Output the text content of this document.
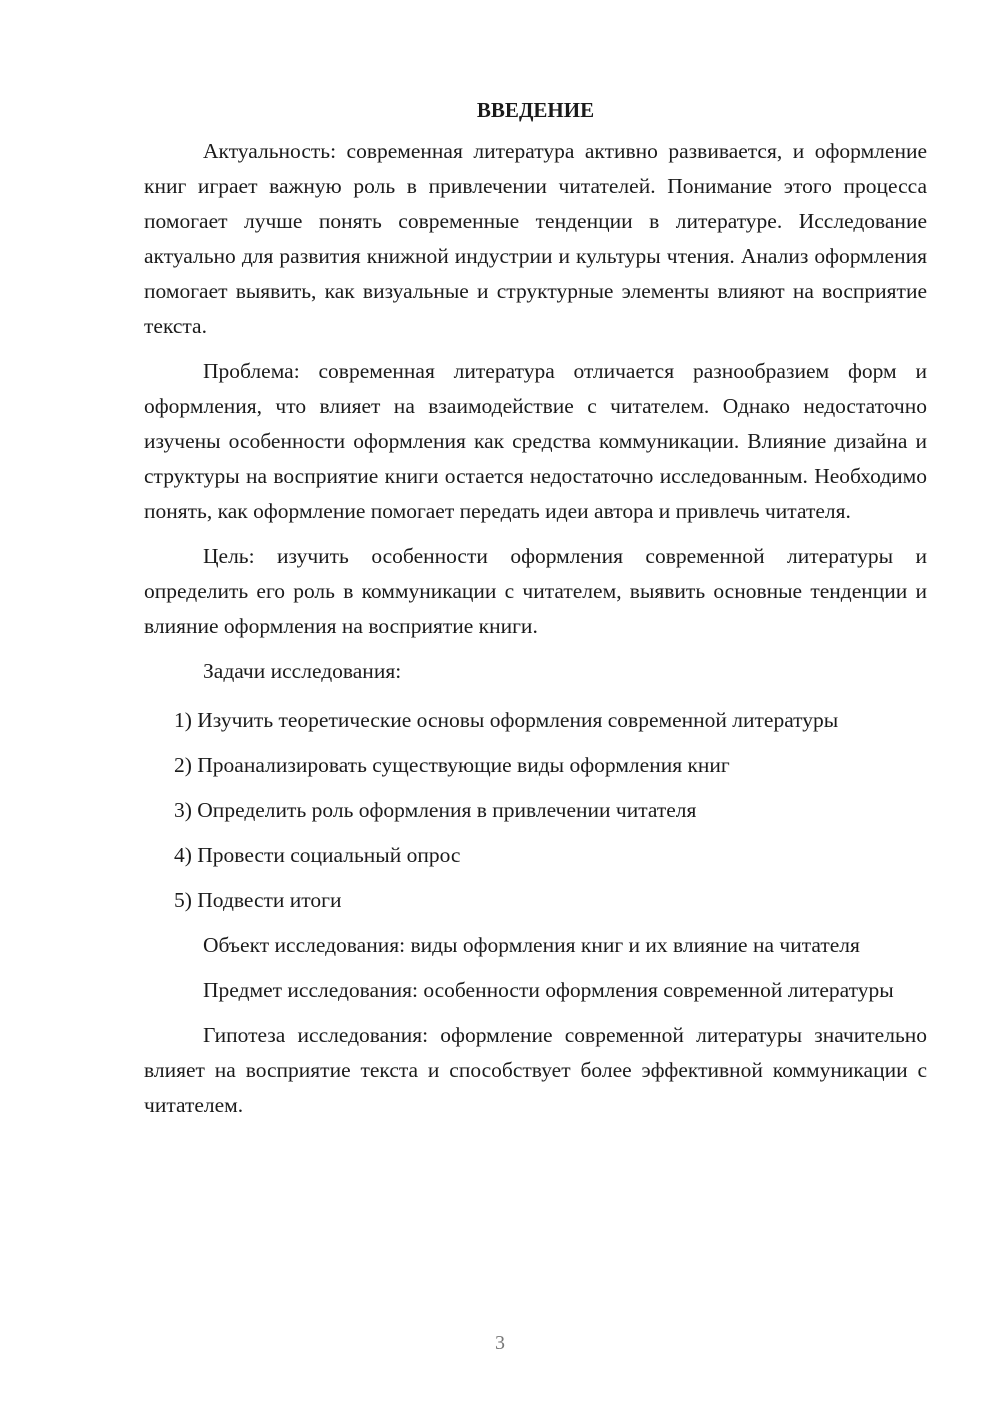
ВВЕДЕНИЕ

Актуальность: современная литература активно развивается, и оформление книг играет важную роль в привлечении читателей. Понимание этого процесса помогает лучше понять современные тенденции в литературе. Исследование актуально для развития книжной индустрии и культуры чтения. Анализ оформления помогает выявить, как визуальные и структурные элементы влияют на восприятие текста.

Проблема: современная литература отличается разнообразием форм и оформления, что влияет на взаимодействие с читателем. Однако недостаточно изучены особенности оформления как средства коммуникации. Влияние дизайна и структуры на восприятие книги остается недостаточно исследованным. Необходимо понять, как оформление помогает передать идеи автора и привлечь читателя.

Цель: изучить особенности оформления современной литературы и определить его роль в коммуникации с читателем, выявить основные тенденции и влияние оформления на восприятие книги.

Задачи исследования:

1) Изучить теоретические основы оформления современной литературы

2) Проанализировать существующие виды оформления книг

3) Определить роль оформления в привлечении читателя

4) Провести социальный опрос

5) Подвести итоги

Объект исследования: виды оформления книг и их влияние на читателя

Предмет исследования: особенности оформления современной литературы

Гипотеза исследования: оформление современной литературы значительно влияет на восприятие текста и способствует более эффективной коммуникации с читателем.

3
